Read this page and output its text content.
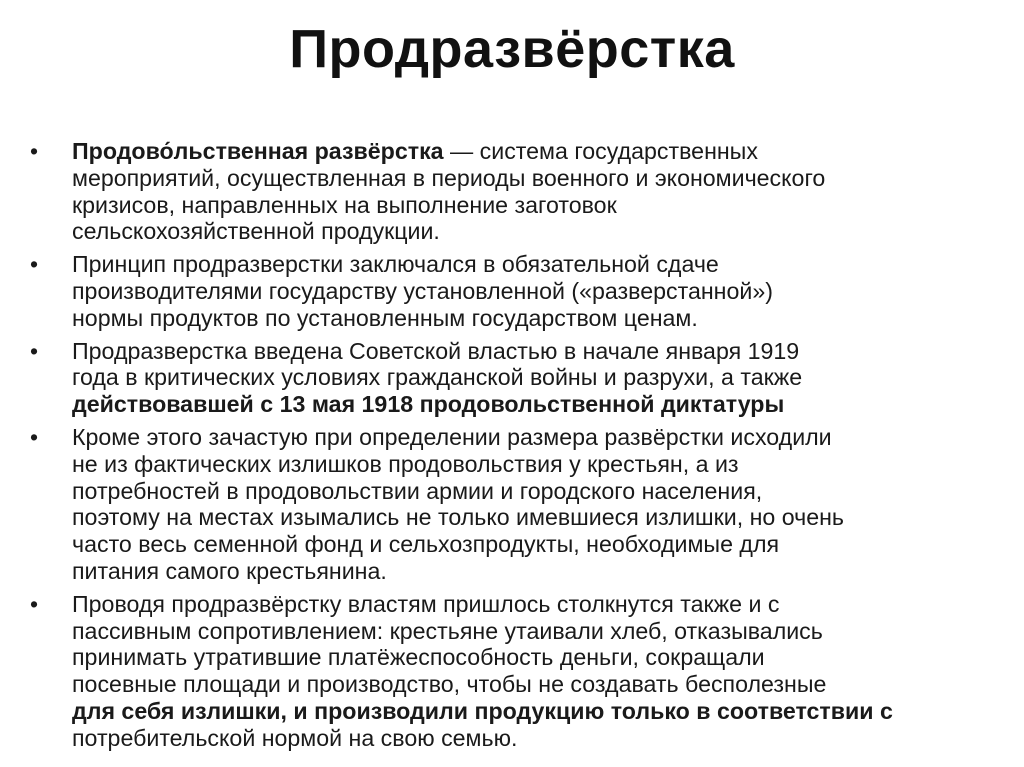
Продразвёрстка
•	Продово́льственная развёрстка — система государственных
мероприятий, осуществленная в периоды военного и экономического
кризисов, направленных на выполнение заготовок
сельскохозяйственной продукции.
•	Принцип продразверстки заключался в обязательной сдаче
производителями государству установленной («разверстанной»)
нормы продуктов по установленным государством ценам.
•	Продразверстка введена Советской властью в начале января 1919
года в критических условиях гражданской войны и разрухи, а также
действовавшей с 13 мая 1918 продовольственной диктатуры
•	Кроме этого зачастую при определении размера развёрстки исходили
не из фактических излишков продовольствия у крестьян, а из
потребностей в продовольствии армии и городского населения,
поэтому на местах изымались не только имевшиеся излишки, но очень
часто весь семенной фонд и сельхозпродукты, необходимые для
питания самого крестьянина.
•	Проводя продразвёрстку властям пришлось столкнутся также и с
пассивным сопротивлением: крестьяне утаивали хлеб, отказывались
принимать утратившие платёжеспособность деньги, сокращали
посевные площади и производство, чтобы не создавать бесполезные
для себя излишки, и производили продукцию только в соответствии с
потребительской нормой на свою семью.
